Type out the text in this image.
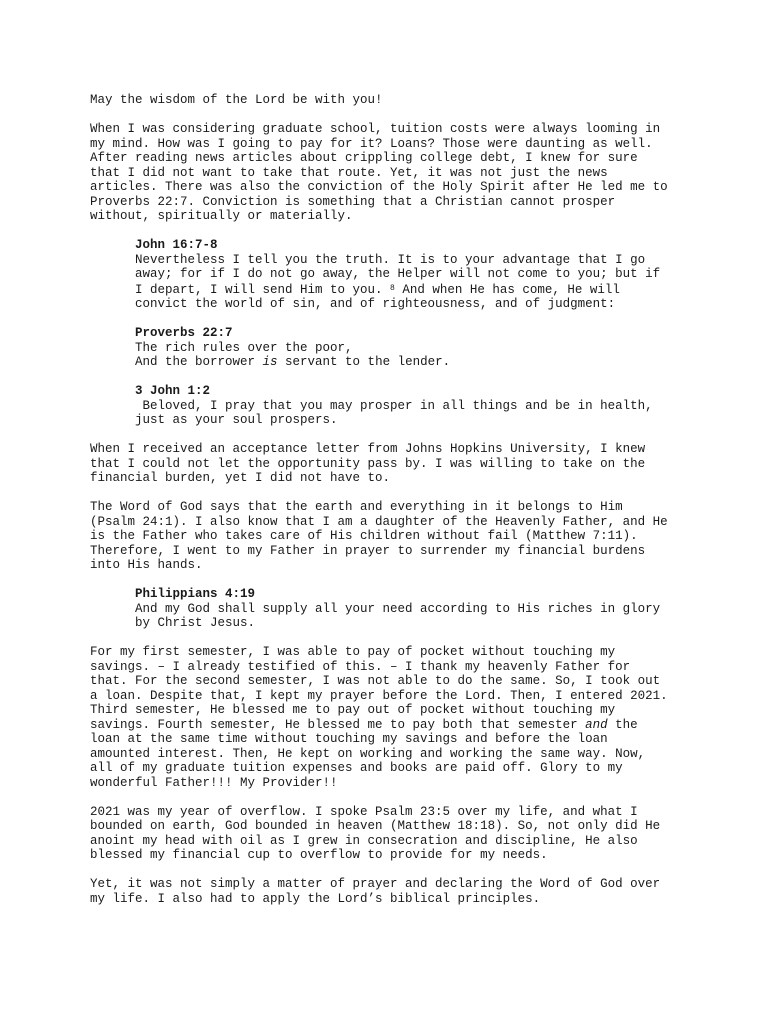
May the wisdom of the Lord be with you!
When I was considering graduate school, tuition costs were always looming in
my mind. How was I going to pay for it? Loans? Those were daunting as well.
After reading news articles about crippling college debt, I knew for sure
that I did not want to take that route. Yet, it was not just the news
articles. There was also the conviction of the Holy Spirit after He led me to
Proverbs 22:7. Conviction is something that a Christian cannot prosper
without, spiritually or materially.
John 16:7-8
Nevertheless I tell you the truth. It is to your advantage that I go
away; for if I do not go away, the Helper will not come to you; but if
I depart, I will send Him to you. $^8$ And when He has come, He will
convict the world of sin, and of righteousness, and of judgment:
Proverbs 22:7
The rich rules over the poor,
And the borrower is servant to the lender.
3 John 1:2
Beloved, I pray that you may prosper in all things and be in health,
just as your soul prospers.
When I received an acceptance letter from Johns Hopkins University, I knew
that I could not let the opportunity pass by. I was willing to take on the
financial burden, yet I did not have to.
The Word of God says that the earth and everything in it belongs to Him
(Psalm 24:1). I also know that I am a daughter of the Heavenly Father, and He
is the Father who takes care of His children without fail (Matthew 7:11).
Therefore, I went to my Father in prayer to surrender my financial burdens
into His hands.
Philippians 4:19
And my God shall supply all your need according to His riches in glory
by Christ Jesus.
For my first semester, I was able to pay of pocket without touching my
savings. – I already testified of this. – I thank my heavenly Father for
that. For the second semester, I was not able to do the same. So, I took out
a loan. Despite that, I kept my prayer before the Lord. Then, I entered 2021.
Third semester, He blessed me to pay out of pocket without touching my
savings. Fourth semester, He blessed me to pay both that semester and the
loan at the same time without touching my savings and before the loan
amounted interest. Then, He kept on working and working the same way. Now,
all of my graduate tuition expenses and books are paid off. Glory to my
wonderful Father!!! My Provider!!
2021 was my year of overflow. I spoke Psalm 23:5 over my life, and what I
bounded on earth, God bounded in heaven (Matthew 18:18). So, not only did He
anoint my head with oil as I grew in consecration and discipline, He also
blessed my financial cup to overflow to provide for my needs.
Yet, it was not simply a matter of prayer and declaring the Word of God over
my life. I also had to apply the Lord’s biblical principles.
